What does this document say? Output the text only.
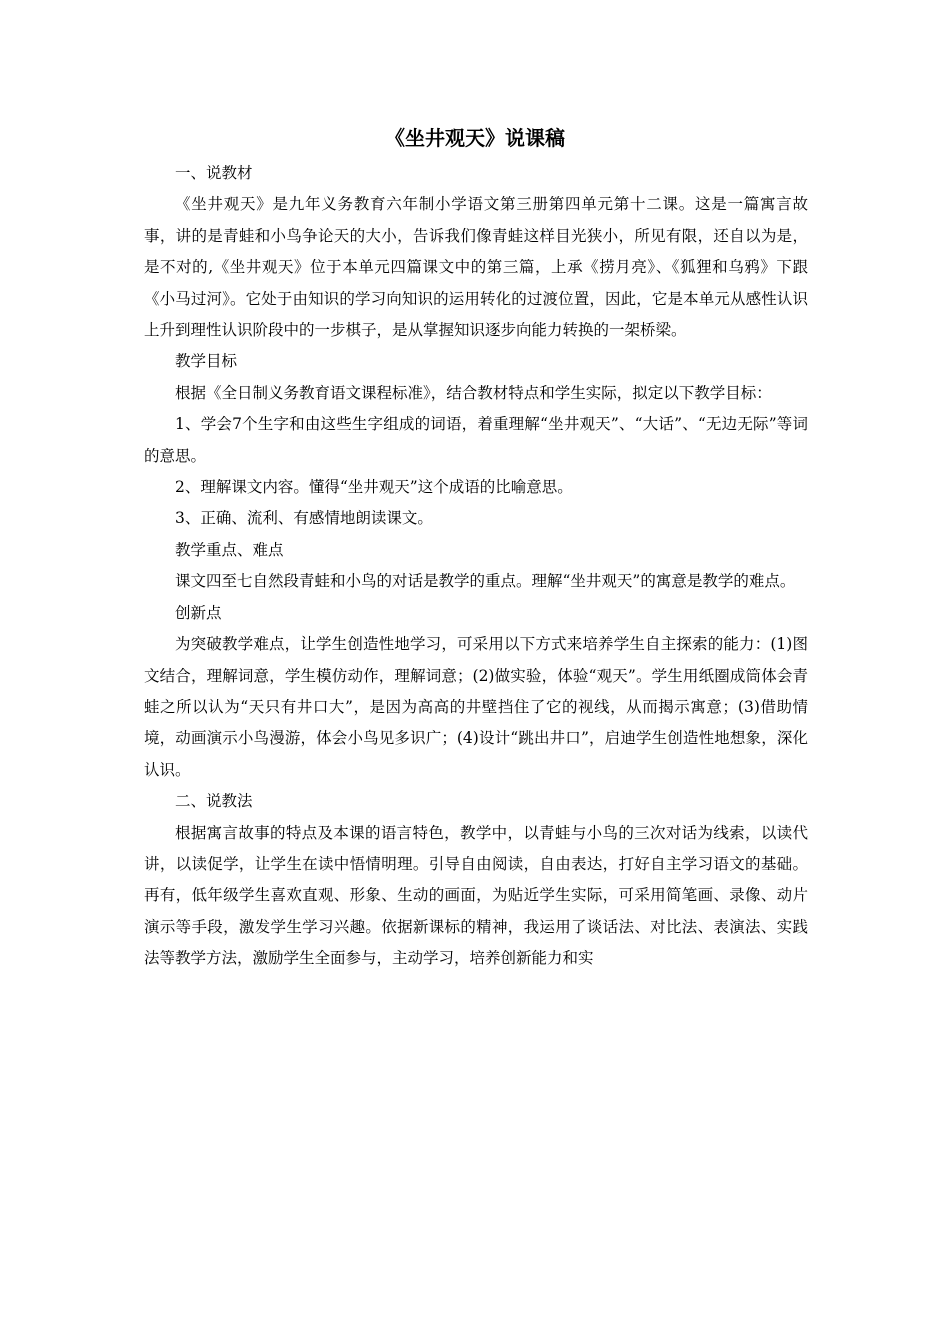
《坐井观天》说课稿

一、说教材

《坐井观天》是九年义务教育六年制小学语文第三册第四单元第十二课。这是一篇寓言故事，讲的是青蛙和小鸟争论天的大小，告诉我们像青蛙这样目光狭小，所见有限，还自以为是，是不对的,《坐井观天》位于本单元四篇课文中的第三篇，上承《捞月亮》、《狐狸和乌鸦》下跟《小马过河》。它处于由知识的学习向知识的运用转化的过渡位置，因此，它是本单元从感性认识上升到理性认识阶段中的一步棋子，是从掌握知识逐步向能力转换的一架桥梁。

教学目标

根据《全日制义务教育语文课程标准》，结合教材特点和学生实际，拟定以下教学目标：

1、学会7个生字和由这些生字组成的词语，着重理解“坐井观天”、“大话”、“无边无际”等词的意思。

2、理解课文内容。懂得“坐井观天”这个成语的比喻意思。

3、正确、流利、有感情地朗读课文。

教学重点、难点

课文四至七自然段青蛙和小鸟的对话是教学的重点。理解“坐井观天”的寓意是教学的难点。

创新点

为突破教学难点，让学生创造性地学习，可采用以下方式来培养学生自主探索的能力：(1)图文结合，理解词意，学生模仿动作，理解词意；(2)做实验，体验“观天”。学生用纸圈成筒体会青蛙之所以认为“天只有井口大”，是因为高高的井壁挡住了它的视线，从而揭示寓意；(3)借助情境，动画演示小鸟漫游，体会小鸟见多识广；(4)设计“跳出井口”，启迪学生创造性地想象，深化认识。

二、说教法

根据寓言故事的特点及本课的语言特色，教学中，以青蛙与小鸟的三次对话为线索，以读代讲，以读促学，让学生在读中悟情明理。引导自由阅读，自由表达，打好自主学习语文的基础。再有，低年级学生喜欢直观、形象、生动的画面，为贴近学生实际，可采用简笔画、录像、动片演示等手段，激发学生学习兴趣。依据新课标的精神，我运用了谈话法、对比法、表演法、实践法等教学方法，激励学生全面参与，主动学习，培养创新能力和实
